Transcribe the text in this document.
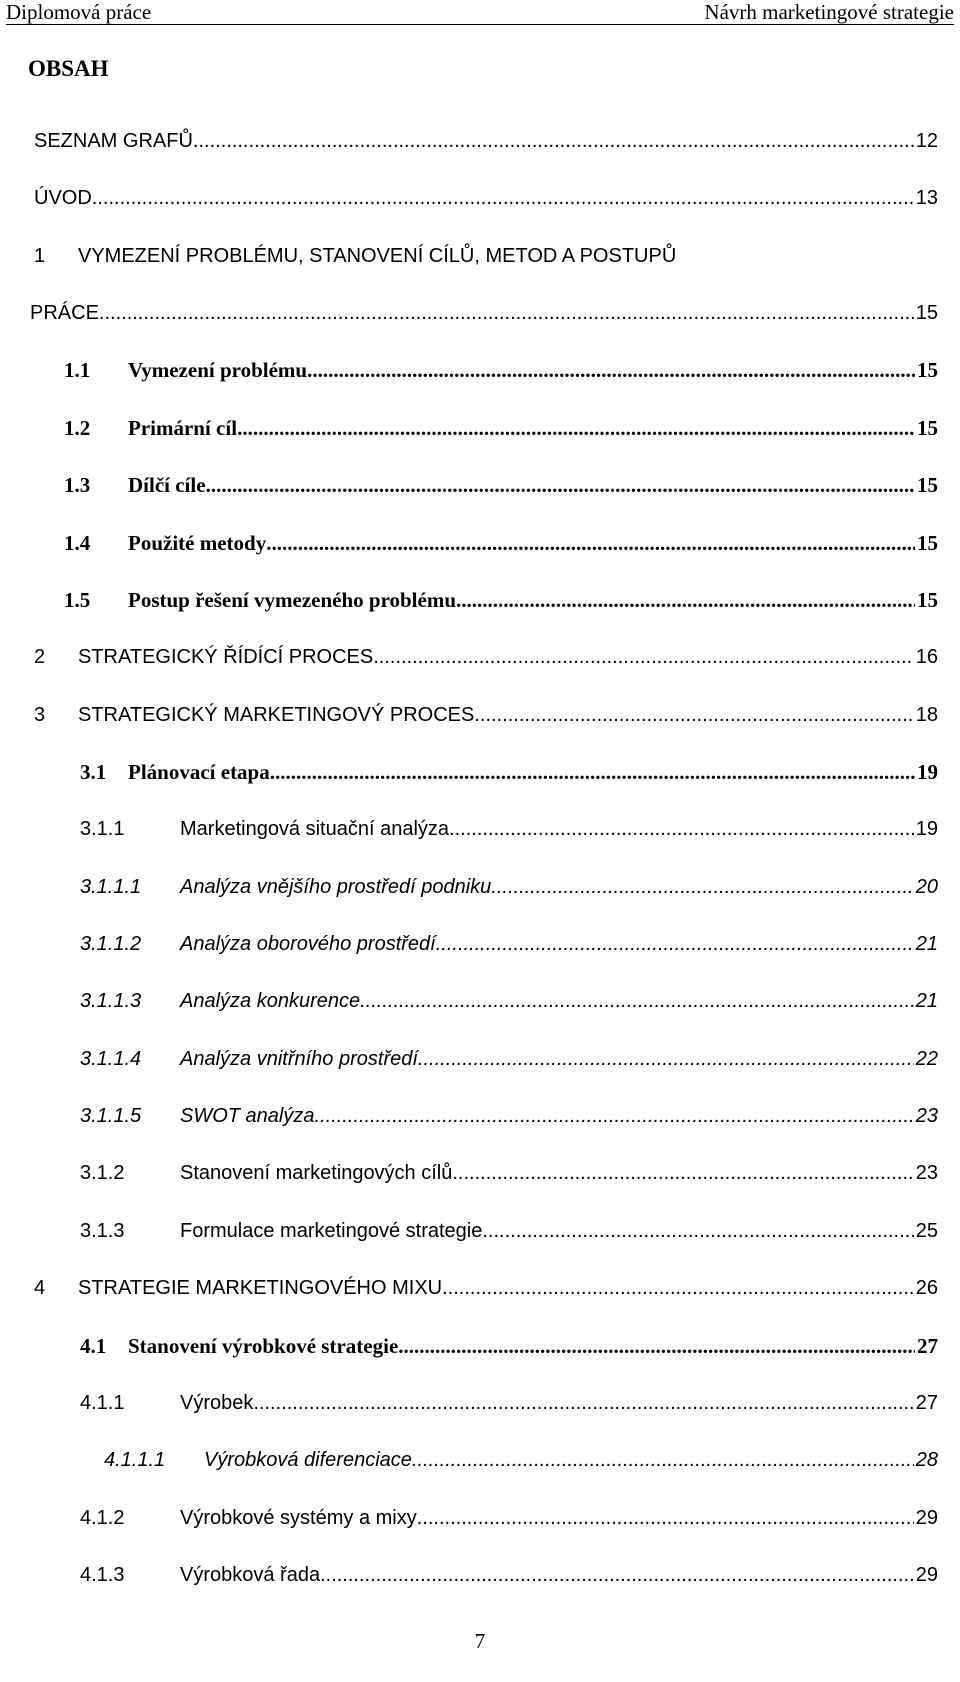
Diplomová práce	Návrh marketingové strategie
OBSAH
SEZNAM GRAFŮ .....	12
ÚVOD .....	13
1	VYMEZENÍ PROBLÉMU, STANOVENÍ CÍLŮ, METOD A POSTUPŮ
PRÁCE .....	15
1.1	Vymezení problému .....	15
1.2	Primární cíl .....	15
1.3	Dílčí cíle .....	15
1.4	Použité metody .....	15
1.5	Postup řešení vymezeného problému .....	15
2	STRATEGICKÝ ŘÍDÍCÍ PROCES .....	16
3	STRATEGICKÝ MARKETINGOVÝ PROCES .....	18
3.1	Plánovací etapa .....	19
3.1.1	Marketingová situační analýza .....	19
3.1.1.1	Analýza vnějšího prostředí podniku .....	20
3.1.1.2	Analýza oborového prostředí .....	21
3.1.1.3	Analýza konkurence .....	21
3.1.1.4	Analýza vnitřního prostředí .....	22
3.1.1.5	SWOT analýza .....	23
3.1.2	Stanovení marketingových cílů .....	23
3.1.3	Formulace marketingové strategie .....	25
4	STRATEGIE MARKETINGOVÉHO MIXU .....	26
4.1	Stanovení výrobkové strategie .....	27
4.1.1	Výrobek .....	27
4.1.1.1	Výrobková diferenciace .....	28
4.1.2	Výrobkové systémy a mixy .....	29
4.1.3	Výrobková řada .....	29
7
